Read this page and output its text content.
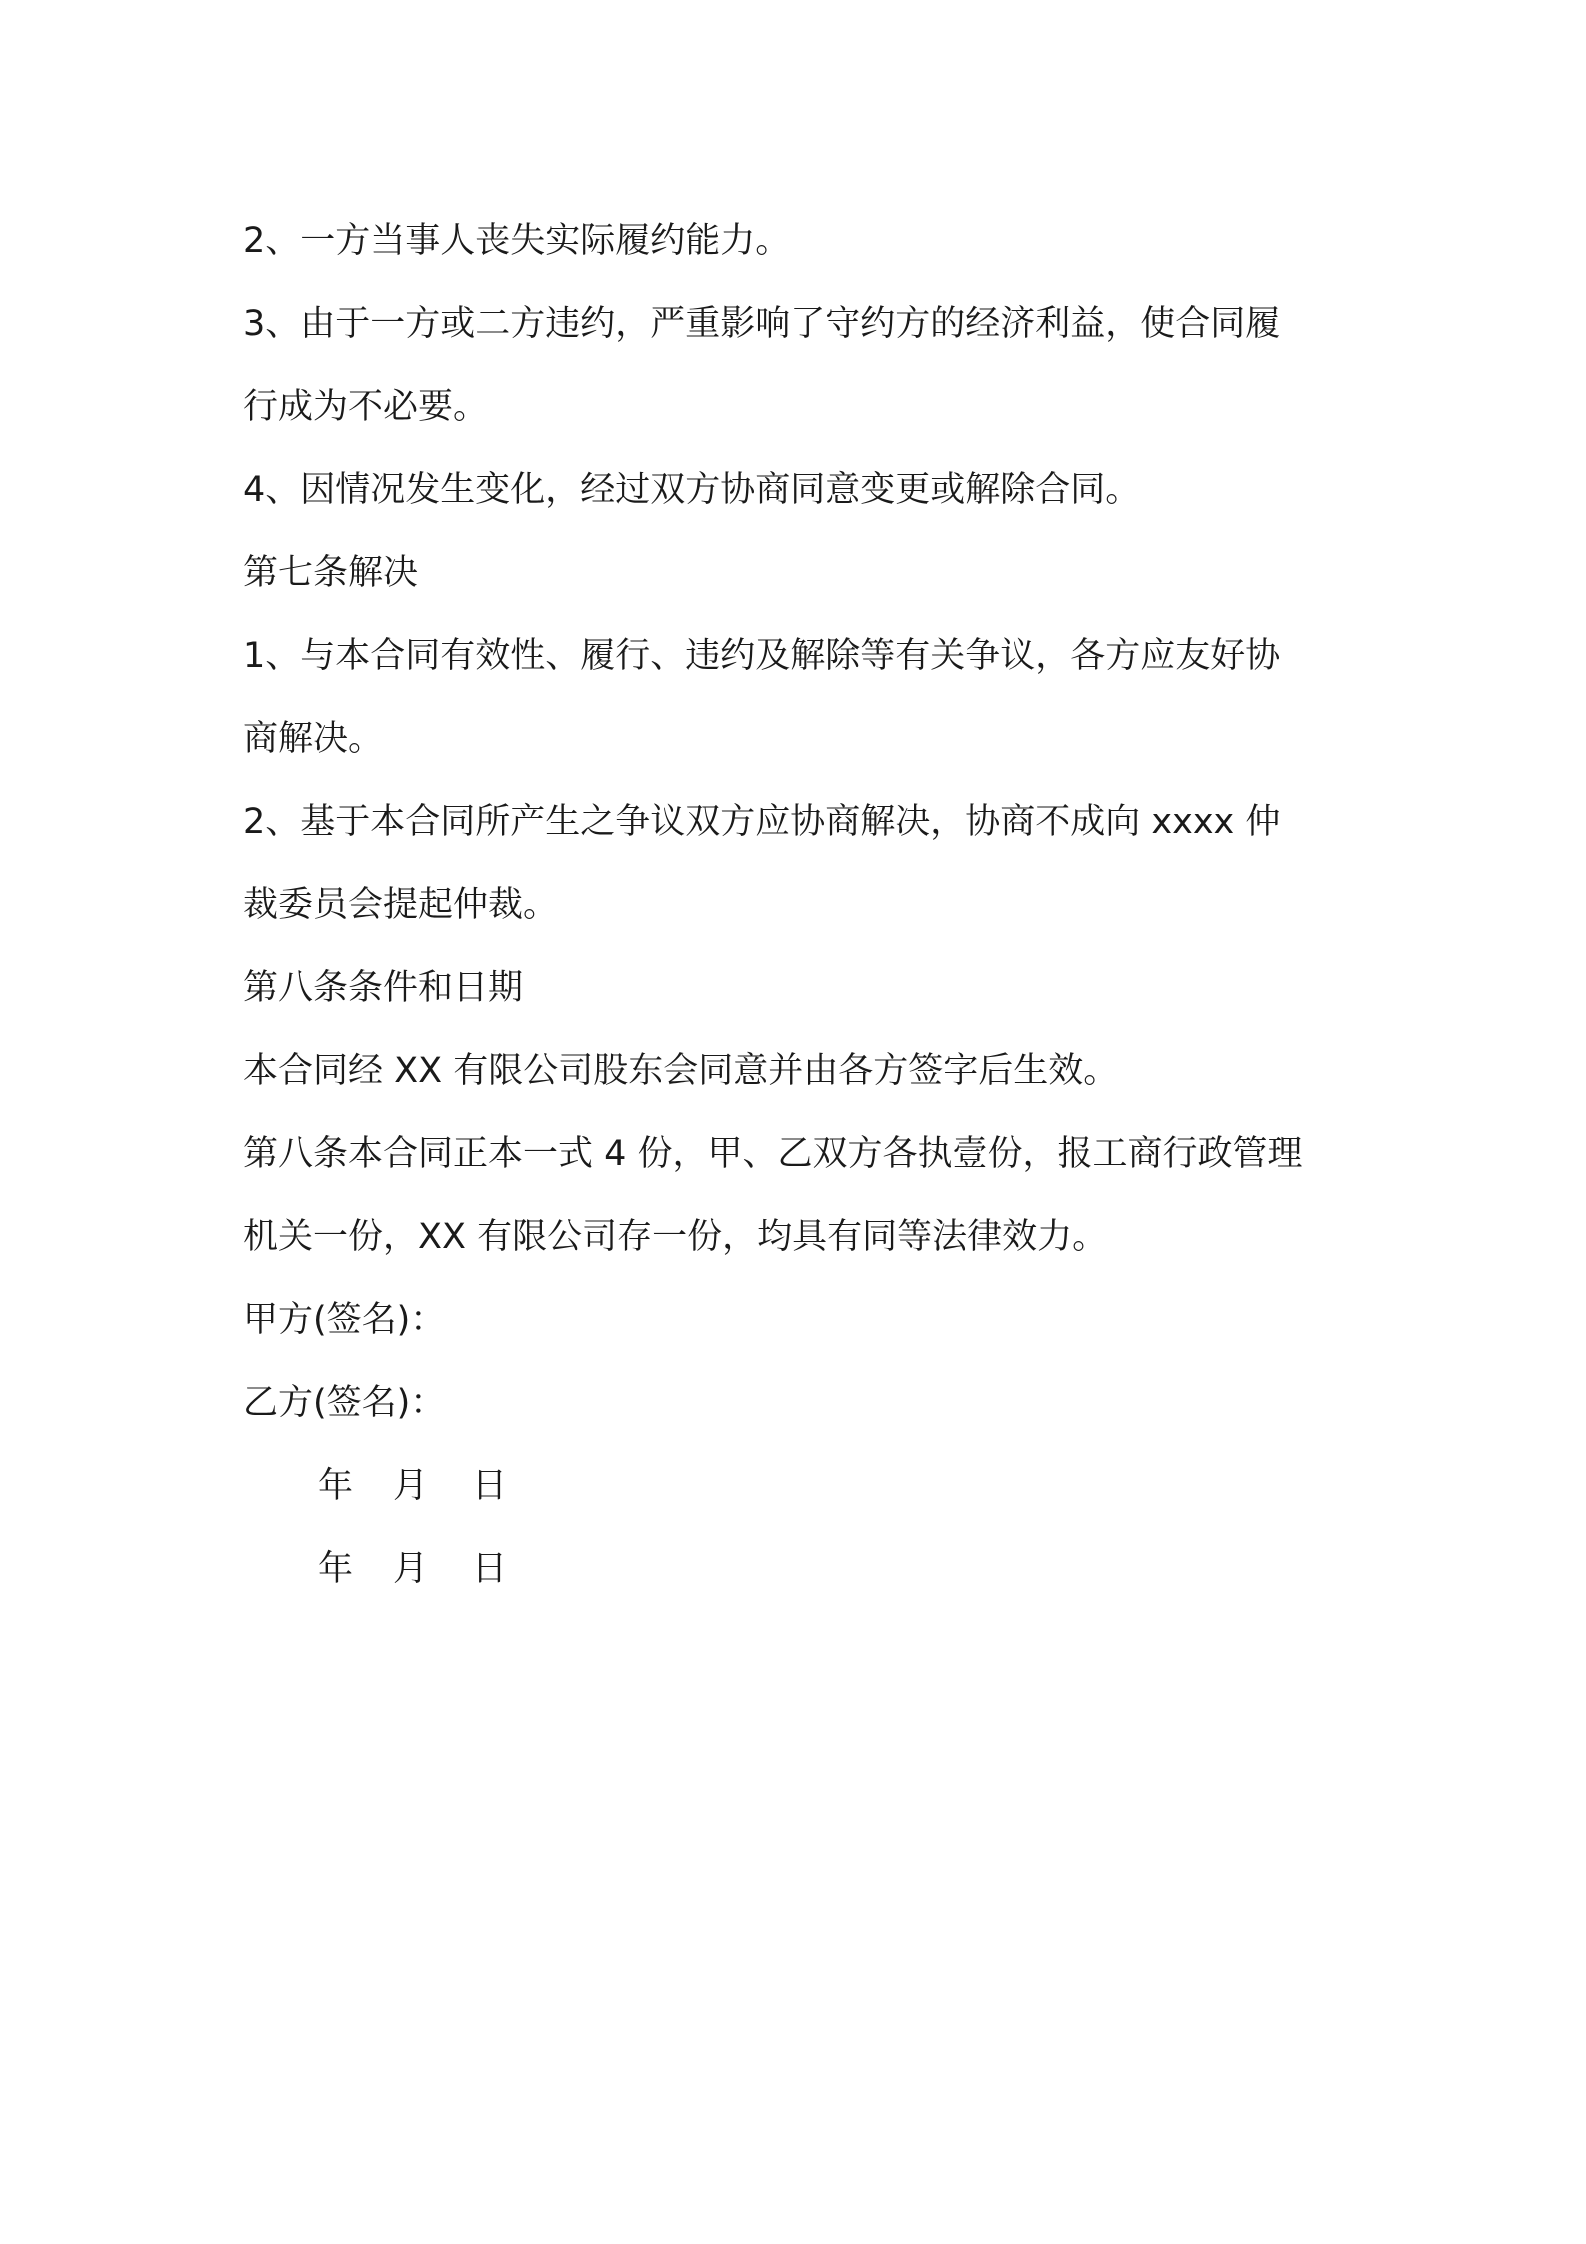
2、一方当事人丧失实际履约能力。
3、由于一方或二方违约，严重影响了守约方的经济利益，使合同履
行成为不必要。
4、因情况发生变化，经过双方协商同意变更或解除合同。
第七条解决
1、与本合同有效性、履行、违约及解除等有关争议，各方应友好协
商解决。
2、基于本合同所产生之争议双方应协商解决，协商不成向 xxxx 仲
裁委员会提起仲裁。
第八条条件和日期
本合同经 XX 有限公司股东会同意并由各方签字后生效。
第八条本合同正本一式 4 份，甲、乙双方各执壹份，报工商行政管理
机关一份，XX 有限公司存一份，均具有同等法律效力。
甲方(签名)：
乙方(签名)：
年 月 日
年 月 日
